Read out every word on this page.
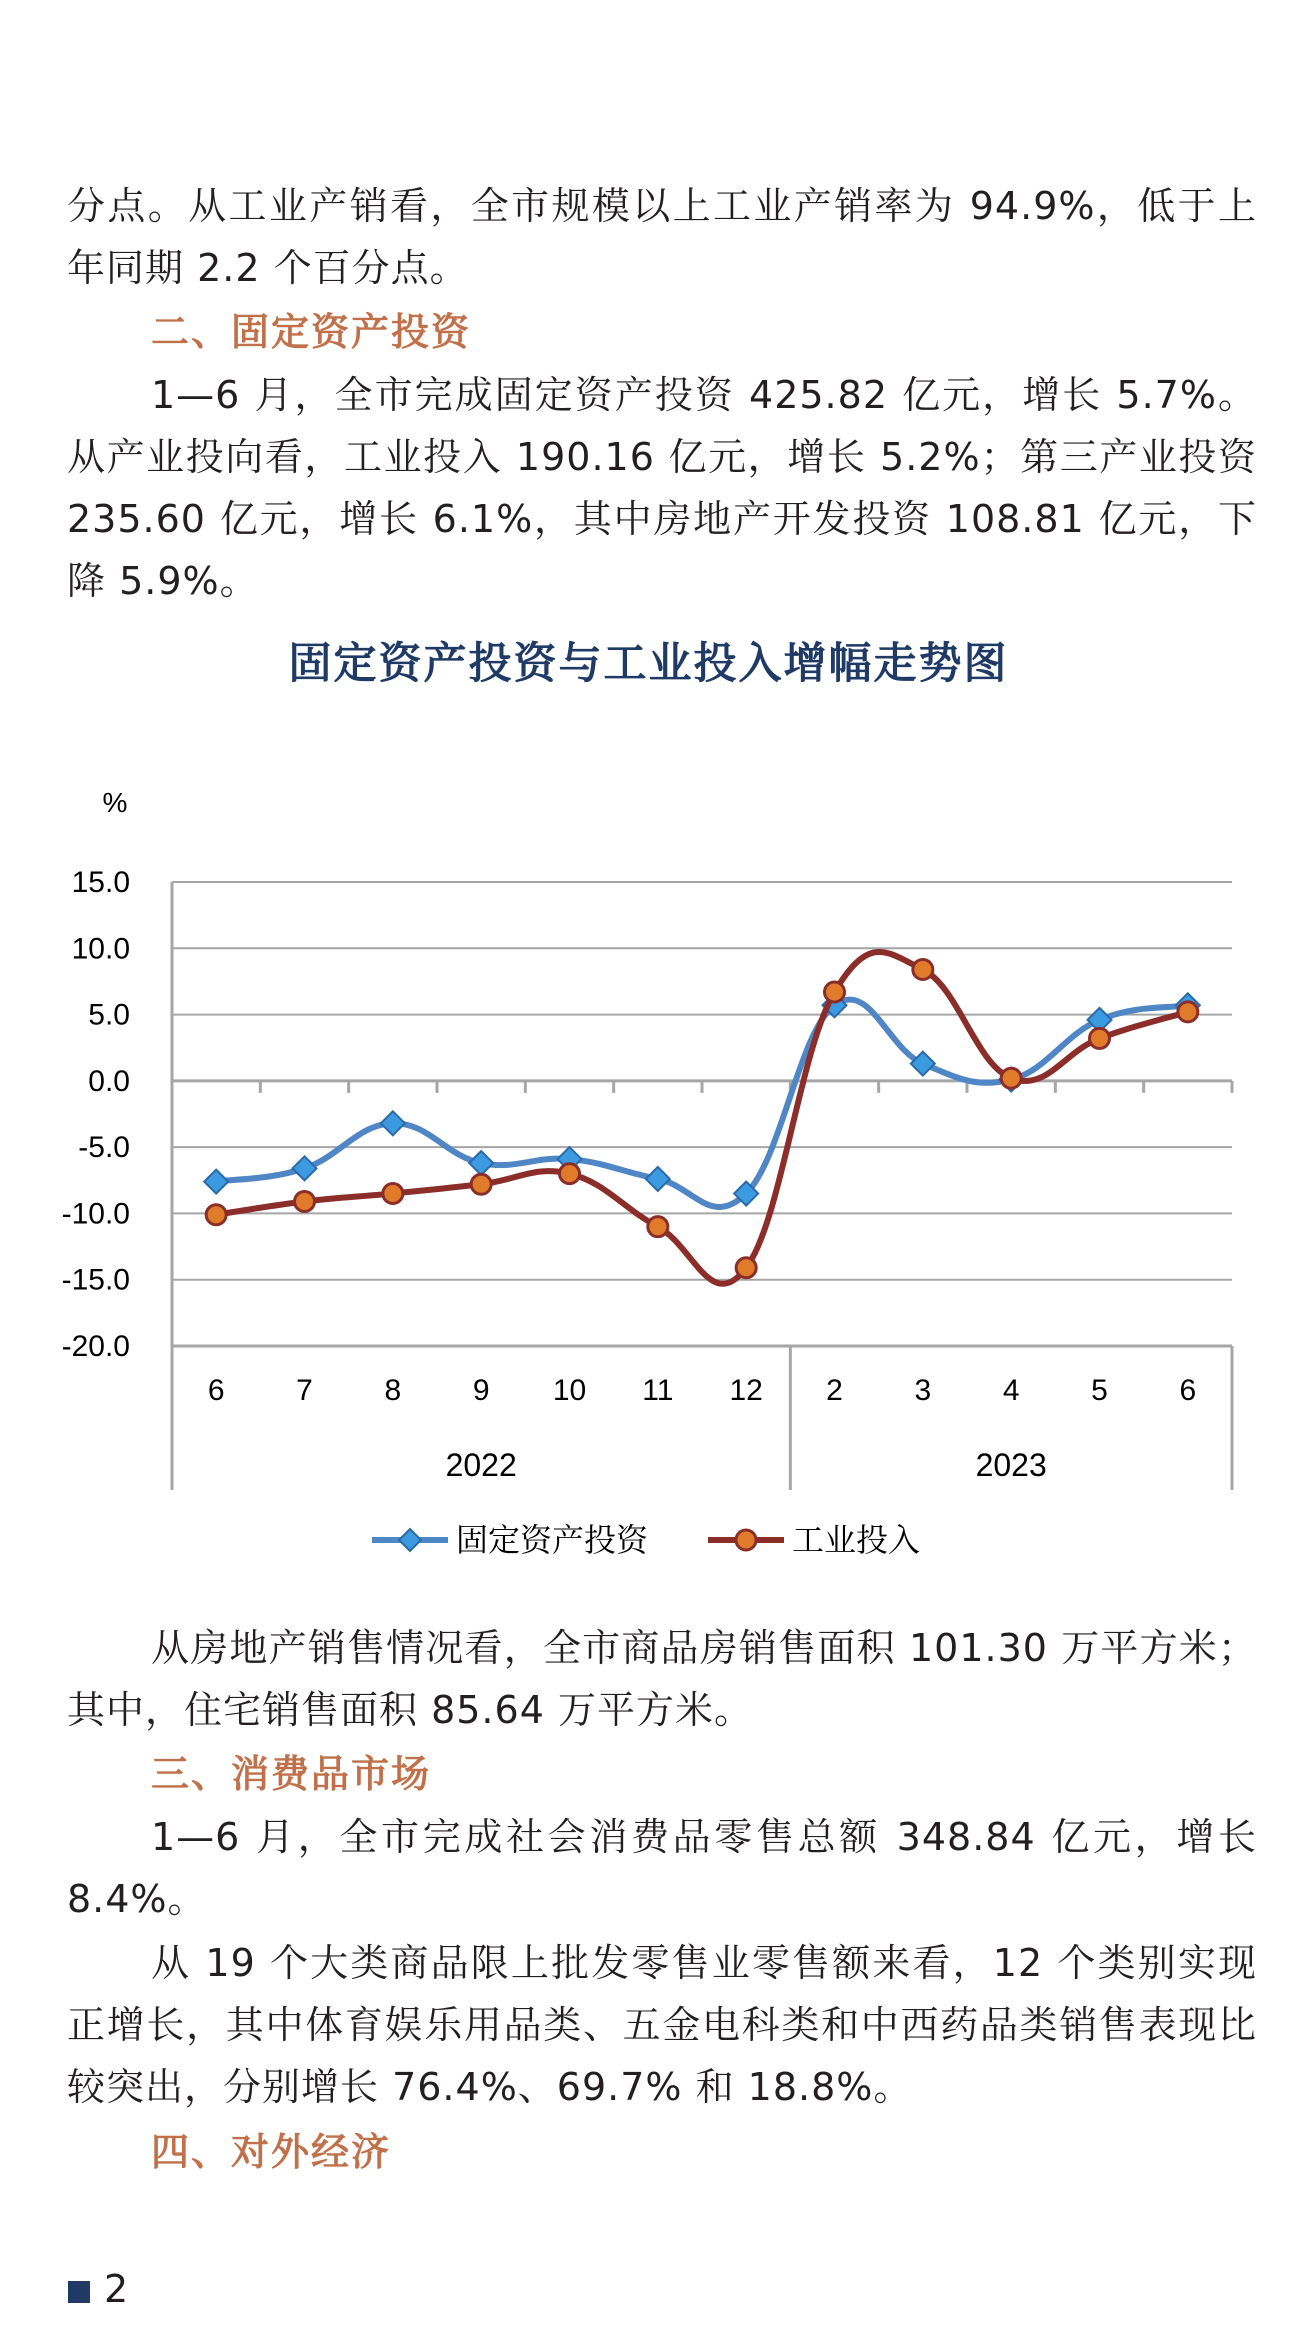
分点。从工业产销看，全市规模以上工业产销率为 94.9%，低于上年同期 2.2 个百分点。

二、固定资产投资

1—6 月，全市完成固定资产投资 425.82 亿元，增长 5.7%。从产业投向看，工业投入 190.16 亿元，增长 5.2%；第三产业投资 235.60 亿元，增长 6.1%，其中房地产开发投资 108.81 亿元，下降 5.9%。

固定资产投资与工业投入增幅走势图
%
15.0
10.0
5.0
0.0
-5.0
-10.0
-15.0
-20.0
6 7 8 9 10 11 12 2 3 4 5 6
2022	2023
固定资产投资	工业投入

从房地产销售情况看，全市商品房销售面积 101.30 万平方米；其中，住宅销售面积 85.64 万平方米。

三、消费品市场

1—6 月，全市完成社会消费品零售总额 348.84 亿元，增长 8.4%。

从 19 个大类商品限上批发零售业零售额来看，12 个类别实现正增长，其中体育娱乐用品类、五金电科类和中西药品类销售表现比较突出，分别增长 76.4%、69.7% 和 18.8%。

四、对外经济

2
